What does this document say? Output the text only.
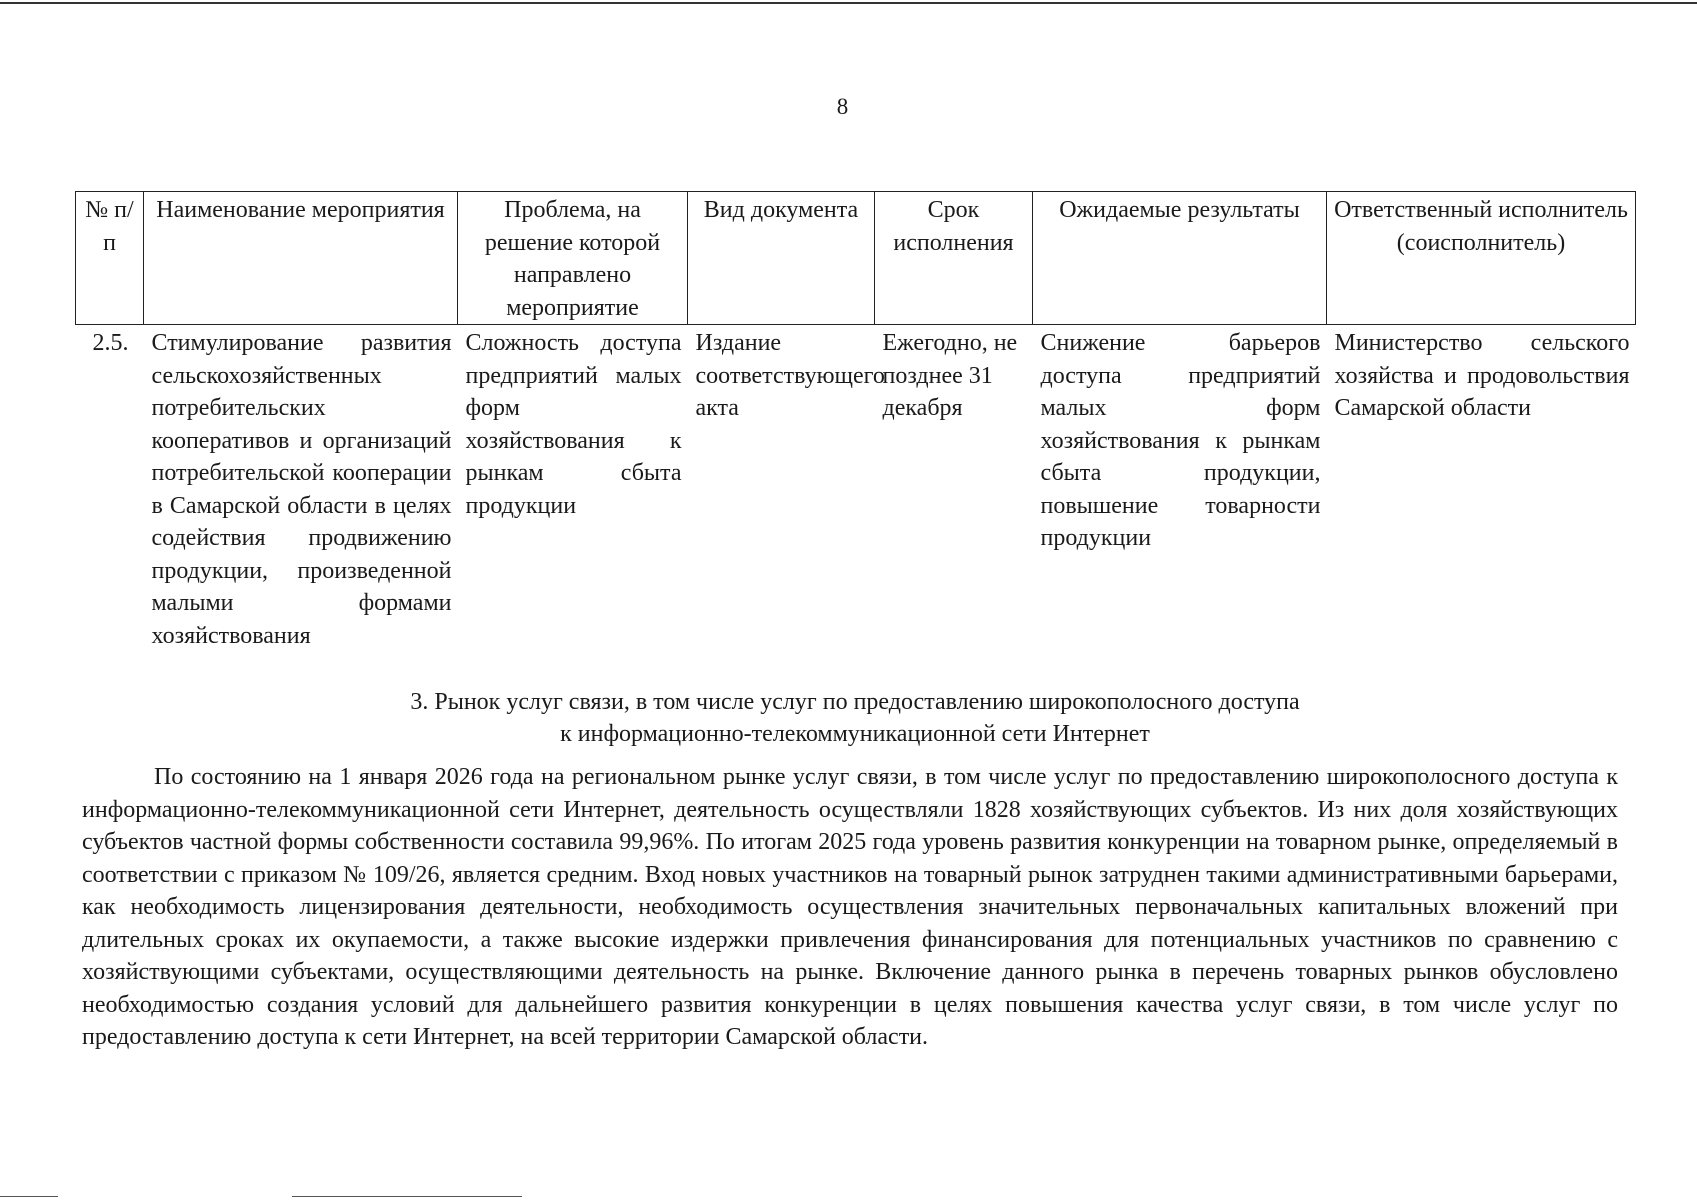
8
№ п/п	Наименование мероприятия	Проблема, на решение которой направлено мероприятие	Вид документа	Срок исполнения	Ожидаемые результаты	Ответственный исполнитель (соисполнитель)
2.5.	Стимулирование развития сельскохозяйственных потребительских кооперативов и организаций потребительской кооперации в Самарской области в целях содействия продвижению продукции, произведенной малыми формами хозяйствования	Сложность доступа предприятий малых форм хозяйствования к рынкам сбыта продукции	Издание соответствующего акта	Ежегодно, не позднее 31 декабря	Снижение барьеров доступа предприятий малых форм хозяйствования к рынкам сбыта продукции, повышение товарности продукции	Министерство сельского хозяйства и продовольствия Самарской области
3. Рынок услуг связи, в том числе услуг по предоставлению широкополосного доступа
к информационно-телекоммуникационной сети Интернет

По состоянию на 1 января 2026 года на региональном рынке услуг связи, в том числе услуг по предоставлению широкополосного доступа к информационно-телекоммуникационной сети Интернет, деятельность осуществляли 1828 хозяйствующих субъектов. Из них доля хозяйствующих субъектов частной формы собственности составила 99,96%. По итогам 2025 года уровень развития конкуренции на товарном рынке, определяемый в соответствии с приказом № 109/26, является средним. Вход новых участников на товарный рынок затруднен такими административными барьерами, как необходимость лицензирования деятельности, необходимость осуществления значительных первоначальных капитальных вложений при длительных сроках их окупаемости, а также высокие издержки привлечения финансирования для потенциальных участников по сравнению с хозяйствующими субъектами, осуществляющими деятельность на рынке. Включение данного рынка в перечень товарных рынков обусловлено необходимостью создания условий для дальнейшего развития конкуренции в целях повышения качества услуг связи, в том числе услуг по предоставлению доступа к сети Интернет, на всей территории Самарской области.
